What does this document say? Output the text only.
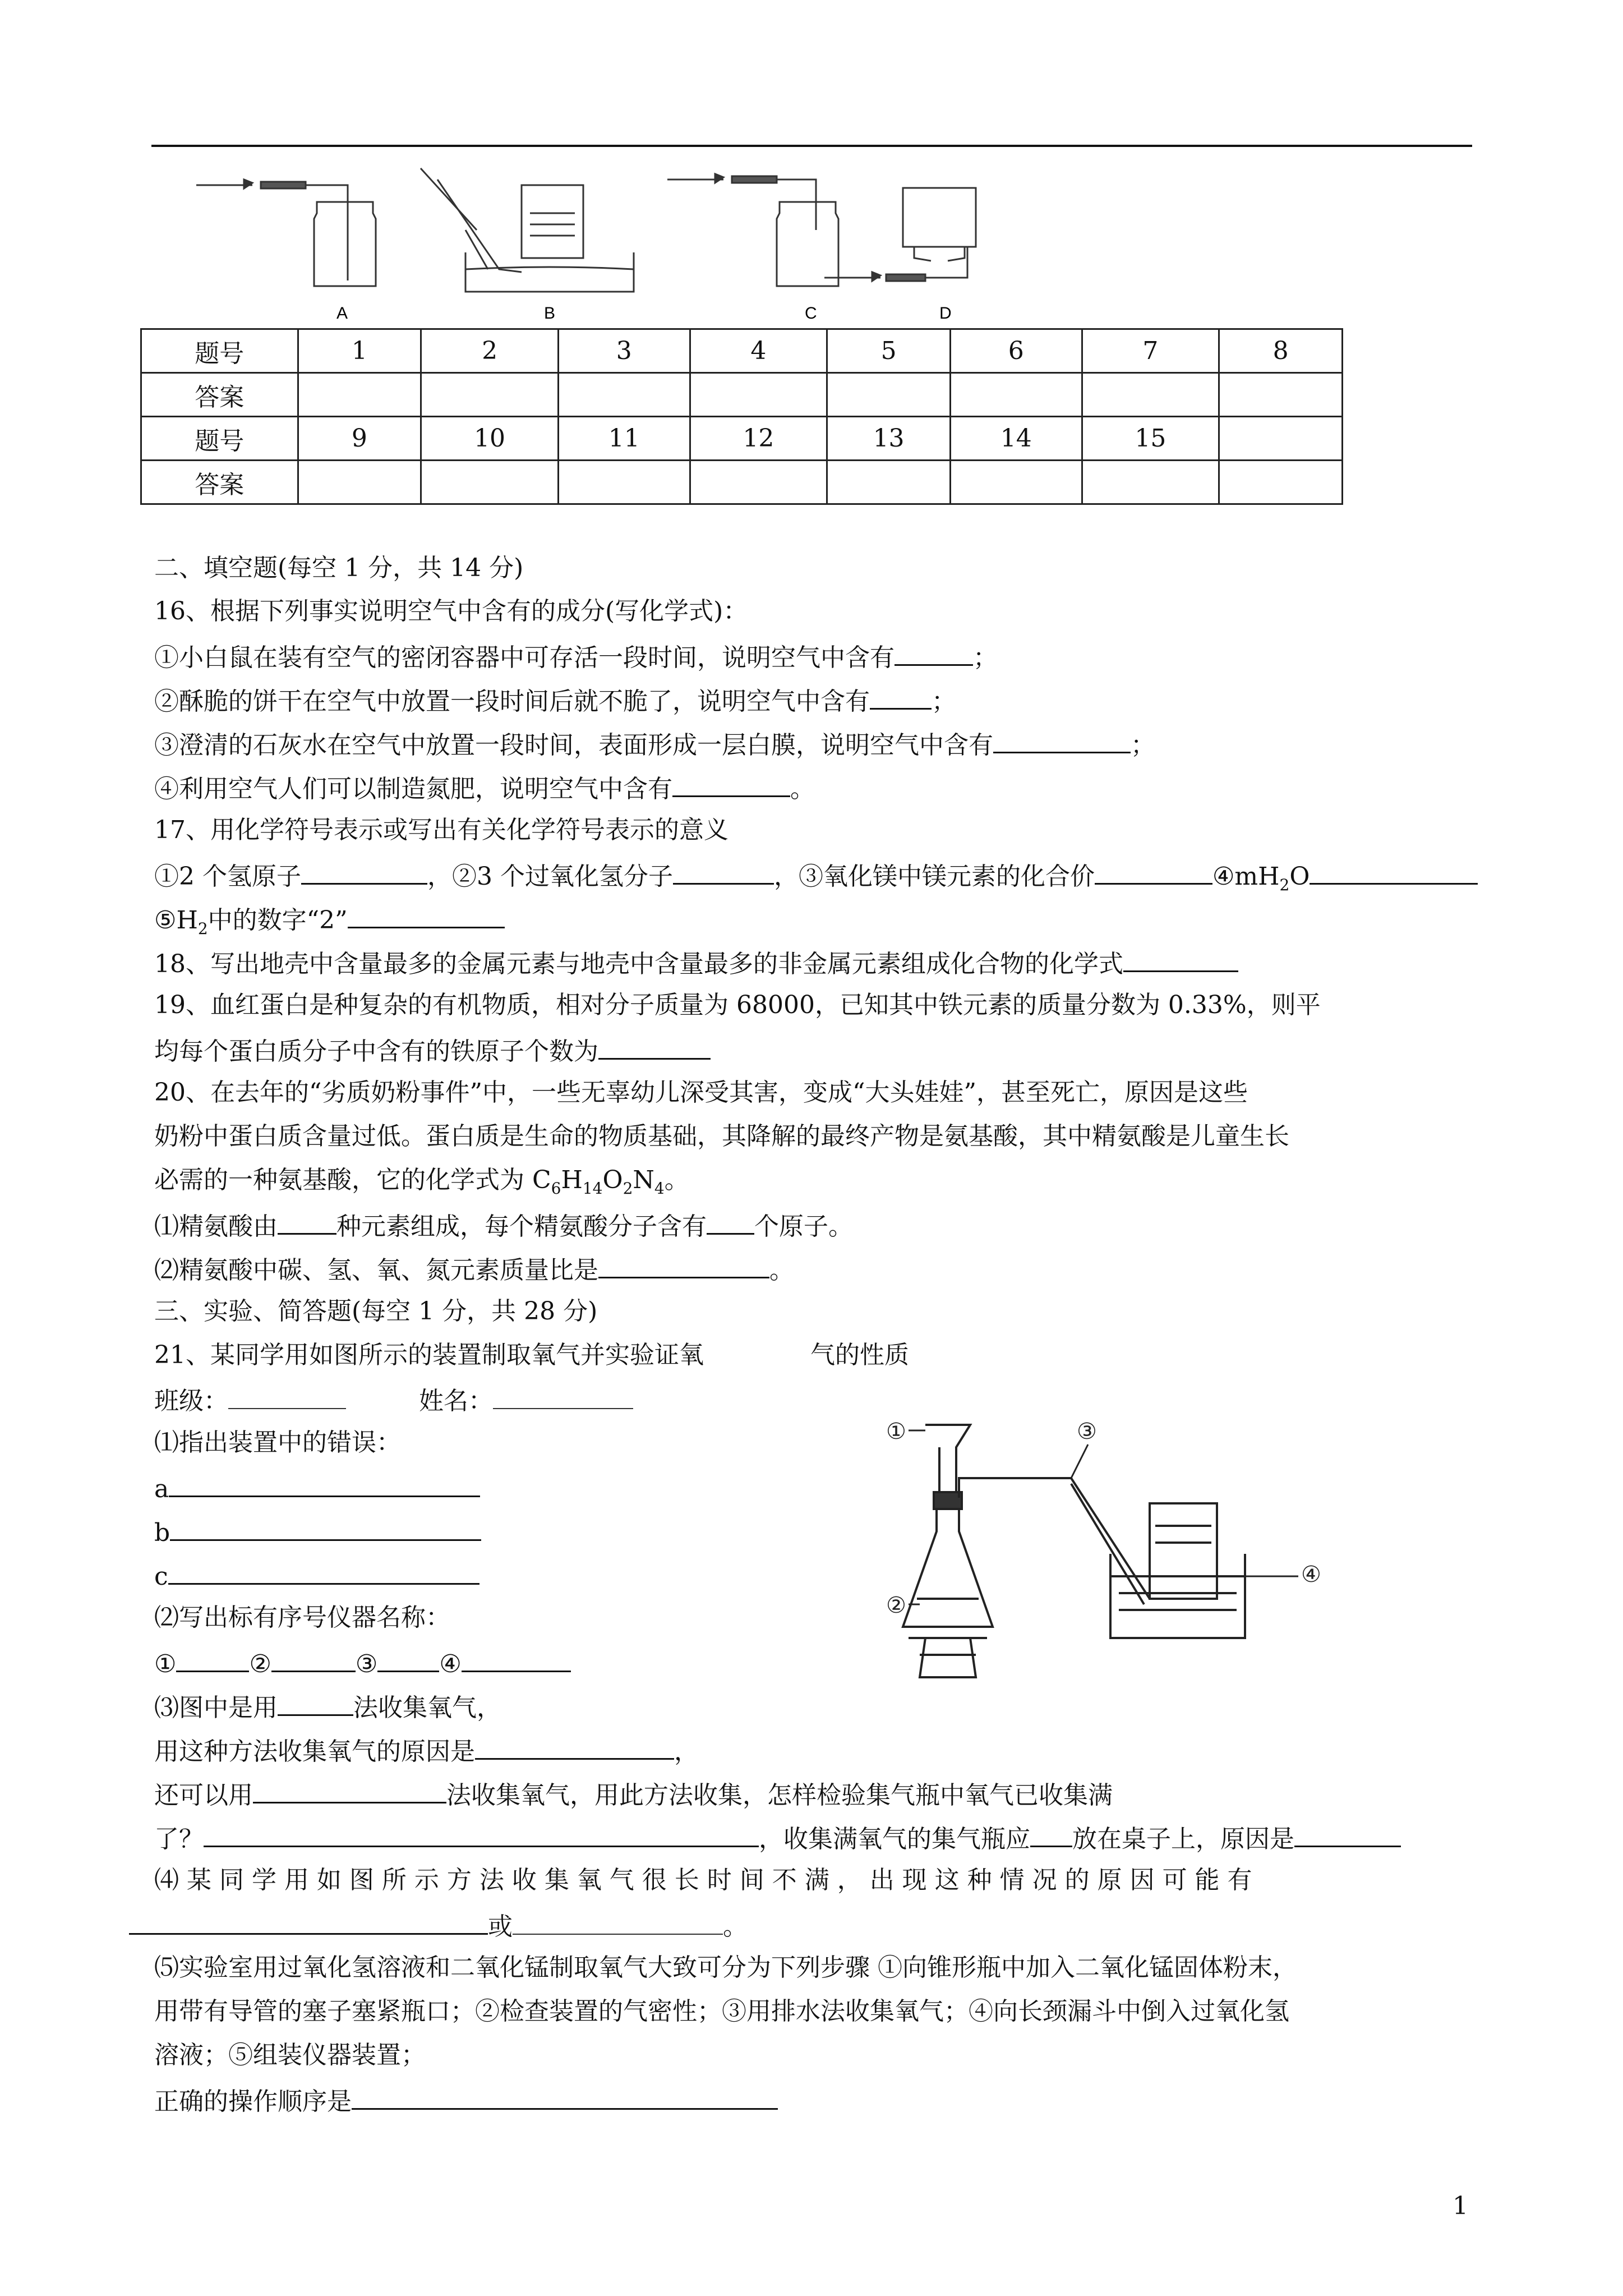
A	B	C	D
题号	1	2	3	4	5	6	7	8
答案								
题号	9	10	11	12	13	14	15	
答案								
二、填空题(每空 1 分，共 14 分)
16、根据下列事实说明空气中含有的成分(写化学式)：
①小白鼠在装有空气的密闭容器中可存活一段时间，说明空气中含有	；
②酥脆的饼干在空气中放置一段时间后就不脆了，说明空气中含有	；
③澄清的石灰水在空气中放置一段时间，表面形成一层白膜，说明空气中含有	；
④利用空气人们可以制造氮肥，说明空气中含有	。
17、用化学符号表示或写出有关化学符号表示的意义
①2 个氢原子	，②3 个过氧化氢分子	，③氧化镁中镁元素的化合价	$④mH_2O$
$⑤H_2$中的数字“2”
18、写出地壳中含量最多的金属元素与地壳中含量最多的非金属元素组成化合物的化学式
19、血红蛋白是种复杂的有机物质，相对分子质量为 68000，已知其中铁元素的质量分数为 0.33%，则平
均每个蛋白质分子中含有的铁原子个数为
20、在去年的“劣质奶粉事件”中，一些无辜幼儿深受其害，变成“大头娃娃”，甚至死亡，原因是这些
奶粉中蛋白质含量过低。蛋白质是生命的物质基础，其降解的最终产物是氨基酸，其中精氨酸是儿童生长
必需的一种氨基酸，它的化学式为 $C_6H_{14}O_2N_4$。
⑴精氨酸由 种元素组成，每个精氨酸分子含有 个原子。
⑵精氨酸中碳、氢、氧、氮元素质量比是	。
三、实验、简答题(每空 1 分，共 28 分)
21、某同学用如图所示的装置制取氧气并实验证氧	气的性质
班级：	姓名：
⑴指出装置中的错误：
a
b
c
⑵写出标有序号仪器名称：
①	②	③	④
⑶图中是用	法收集氧气，
用这种方法收集氧气的原因是	，
还可以用	法收集氧气，用此方法收集，怎样检验集气瓶中氧气已收集满
了？	，收集满氧气的集气瓶应 放在桌子上，原因是
⑷ 某 同 学 用 如 图 所 示 方 法 收 集 氧 气 很 长 时 间 不 满 ， 出 现 这 种 情 况 的 原 因 可 能 有
或	。
⑸实验室用过氧化氢溶液和二氧化锰制取氧气大致可分为下列步骤 ①向锥形瓶中加入二氧化锰固体粉末，
用带有导管的塞子塞紧瓶口；②检查装置的气密性；③用排水法收集氧气；④向长颈漏斗中倒入过氧化氢
溶液；⑤组装仪器装置；
正确的操作顺序是
①
②
③
④
1
